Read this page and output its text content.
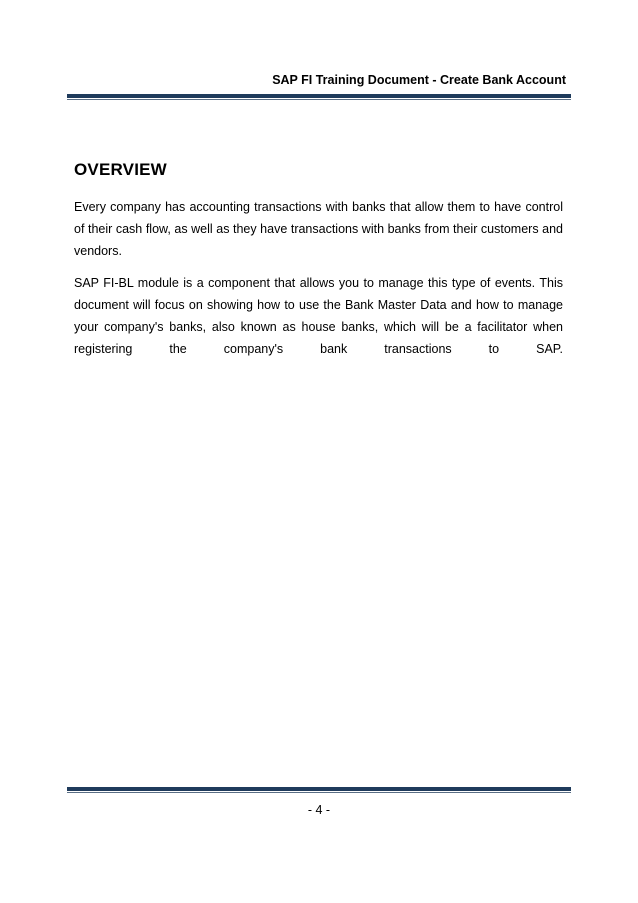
SAP FI Training Document - Create Bank Account
OVERVIEW

Every company has accounting transactions with banks that allow them to have control of their cash flow, as well as they have transactions with banks from their customers and vendors.

SAP FI-BL module is a component that allows you to manage this type of events. This document will focus on showing how to use the Bank Master Data and how to manage your company's banks, also known as house banks, which will be a facilitator when registering the company's bank transactions to SAP.

- 4 -
